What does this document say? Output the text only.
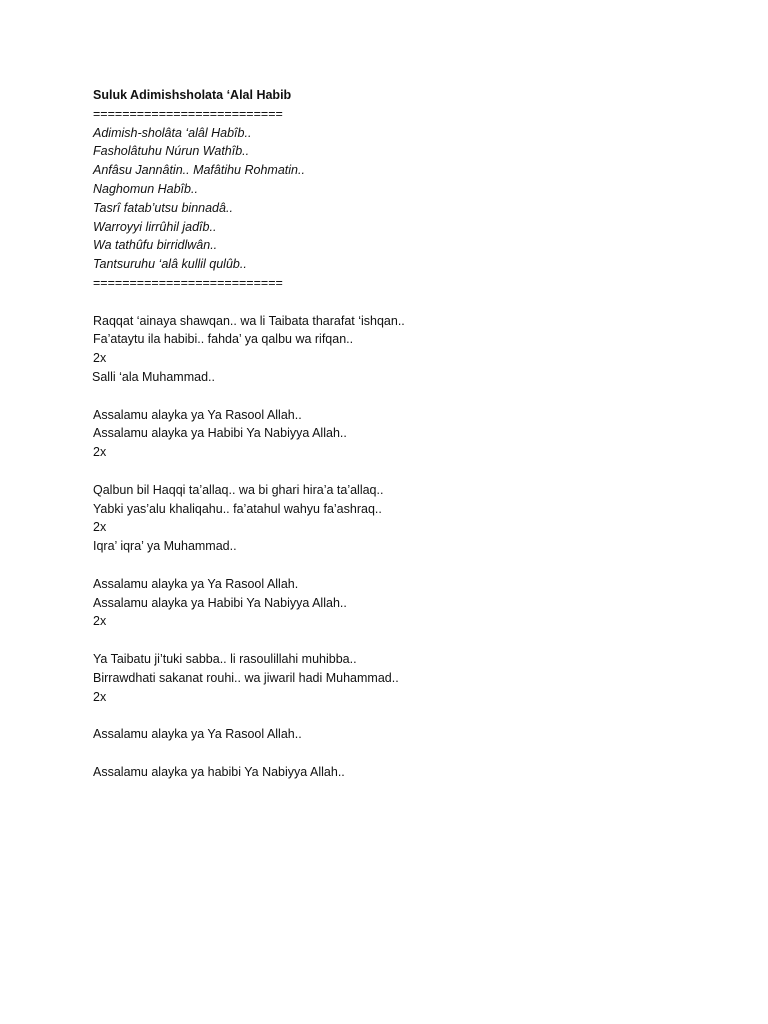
Suluk Adimishsholata ‘Alal Habib
==========================
Adimish-sholâta ‘alâl Habîb..
Fasholâtuhu Núrun Wathîb..
Anfâsu Jannâtin.. Mafâtihu Rohmatin..
Naghomun Habîb..
Tasrî fatab’utsu binnadâ..
Warroyyi lirrûhil jadîb..
Wa tathûfu birridlwân..
Tantsuruhu ‘alâ kullil qulûb..
==========================
Raqqat ‘ainaya shawqan.. wa li Taibata tharafat ‘ishqan..
Fa’ataytu ila habibi.. fahda’ ya qalbu wa rifqan..
2x
Salli ‘ala Muhammad..
Assalamu alayka ya Ya Rasool Allah..
Assalamu alayka ya Habibi Ya Nabiyya Allah..
2x
Qalbun bil Haqqi ta’allaq.. wa bi ghari hira’a ta’allaq..
Yabki yas’alu khaliqahu.. fa’atahul wahyu fa’ashraq..
2x
Iqra’ iqra’ ya Muhammad..
Assalamu alayka ya Ya Rasool Allah.
Assalamu alayka ya Habibi Ya Nabiyya Allah..
2x
Ya Taibatu ji’tuki sabba.. li rasoulillahi muhibba..
Birrawdhati sakanat rouhi.. wa jiwaril hadi Muhammad..
2x
Assalamu alayka ya Ya Rasool Allah..
Assalamu alayka ya habibi Ya Nabiyya Allah..
